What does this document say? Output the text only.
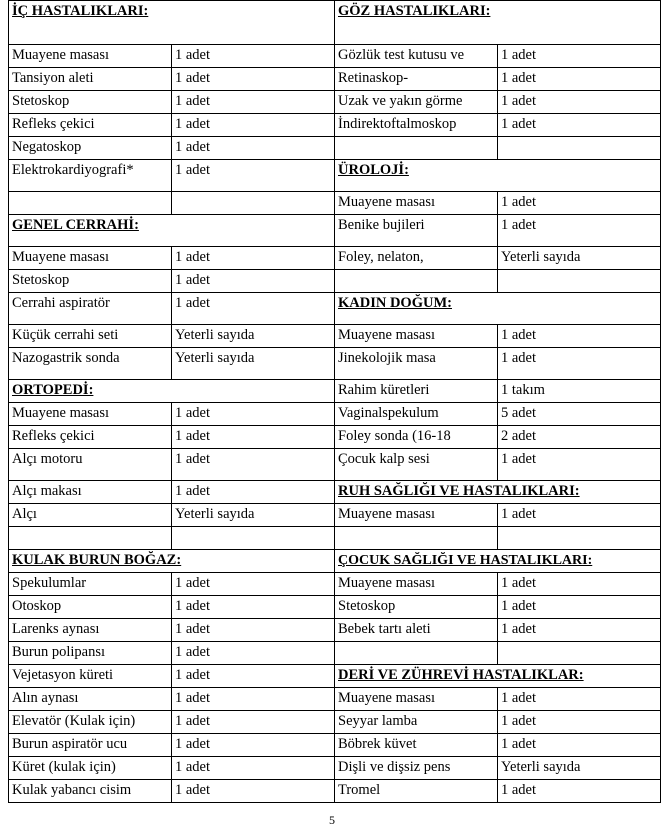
İÇ HASTALIKLARI:		GÖZ HASTALIKLARI:	
Muayene masası	1 adet	Gözlük test kutusu ve	1 adet
Tansiyon aleti	1 adet	Retinaskop-	1 adet
Stetoskop	1 adet	Uzak ve yakın görme	1 adet
Refleks çekici	1 adet	İndirektoftalmoskop	1 adet
Negatoskop	1 adet		
Elektrokardiyografi*	1 adet	ÜROLOJİ:	
		Muayene masası	1 adet
GENEL CERRAHİ:		Benike bujileri	1 adet
Muayene masası	1 adet	Foley, nelaton,	Yeterli sayıda
Stetoskop	1 adet		
Cerrahi aspiratör	1 adet	KADIN DOĞUM:	
Küçük cerrahi seti	Yeterli sayıda	Muayene masası	1 adet
Nazogastrik sonda	Yeterli sayıda	Jinekolojik masa	1 adet
ORTOPEDİ:		Rahim küretleri	1 takım
Muayene masası	1 adet	Vaginalspekulum	5 adet
Refleks çekici	1 adet	Foley sonda (16-18	2 adet
Alçı motoru	1 adet	Çocuk kalp sesi	1 adet
Alçı makası	1 adet	RUH SAĞLIĞI VE HASTALIKLARI:	
Alçı	Yeterli sayıda	Muayene masası	1 adet

KULAK BURUN BOĞAZ:		ÇOCUK SAĞLIĞI VE HASTALIKLARI:	
Spekulumlar	1 adet	Muayene masası	1 adet
Otoskop	1 adet	Stetoskop	1 adet
Larenks aynası	1 adet	Bebek tartı aleti	1 adet
Burun polipansı	1 adet		
Vejetasyon küreti	1 adet	DERİ VE ZÜHREVİ HASTALIKLAR:	
Alın aynası	1 adet	Muayene masası	1 adet
Elevatör (Kulak için)	1 adet	Seyyar lamba	1 adet
Burun aspiratör ucu	1 adet	Böbrek küvet	1 adet
Küret (kulak için)	1 adet	Dişli ve dişsiz pens	Yeterli sayıda
Kulak yabancı cisim	1 adet	Tromel	1 adet
5
